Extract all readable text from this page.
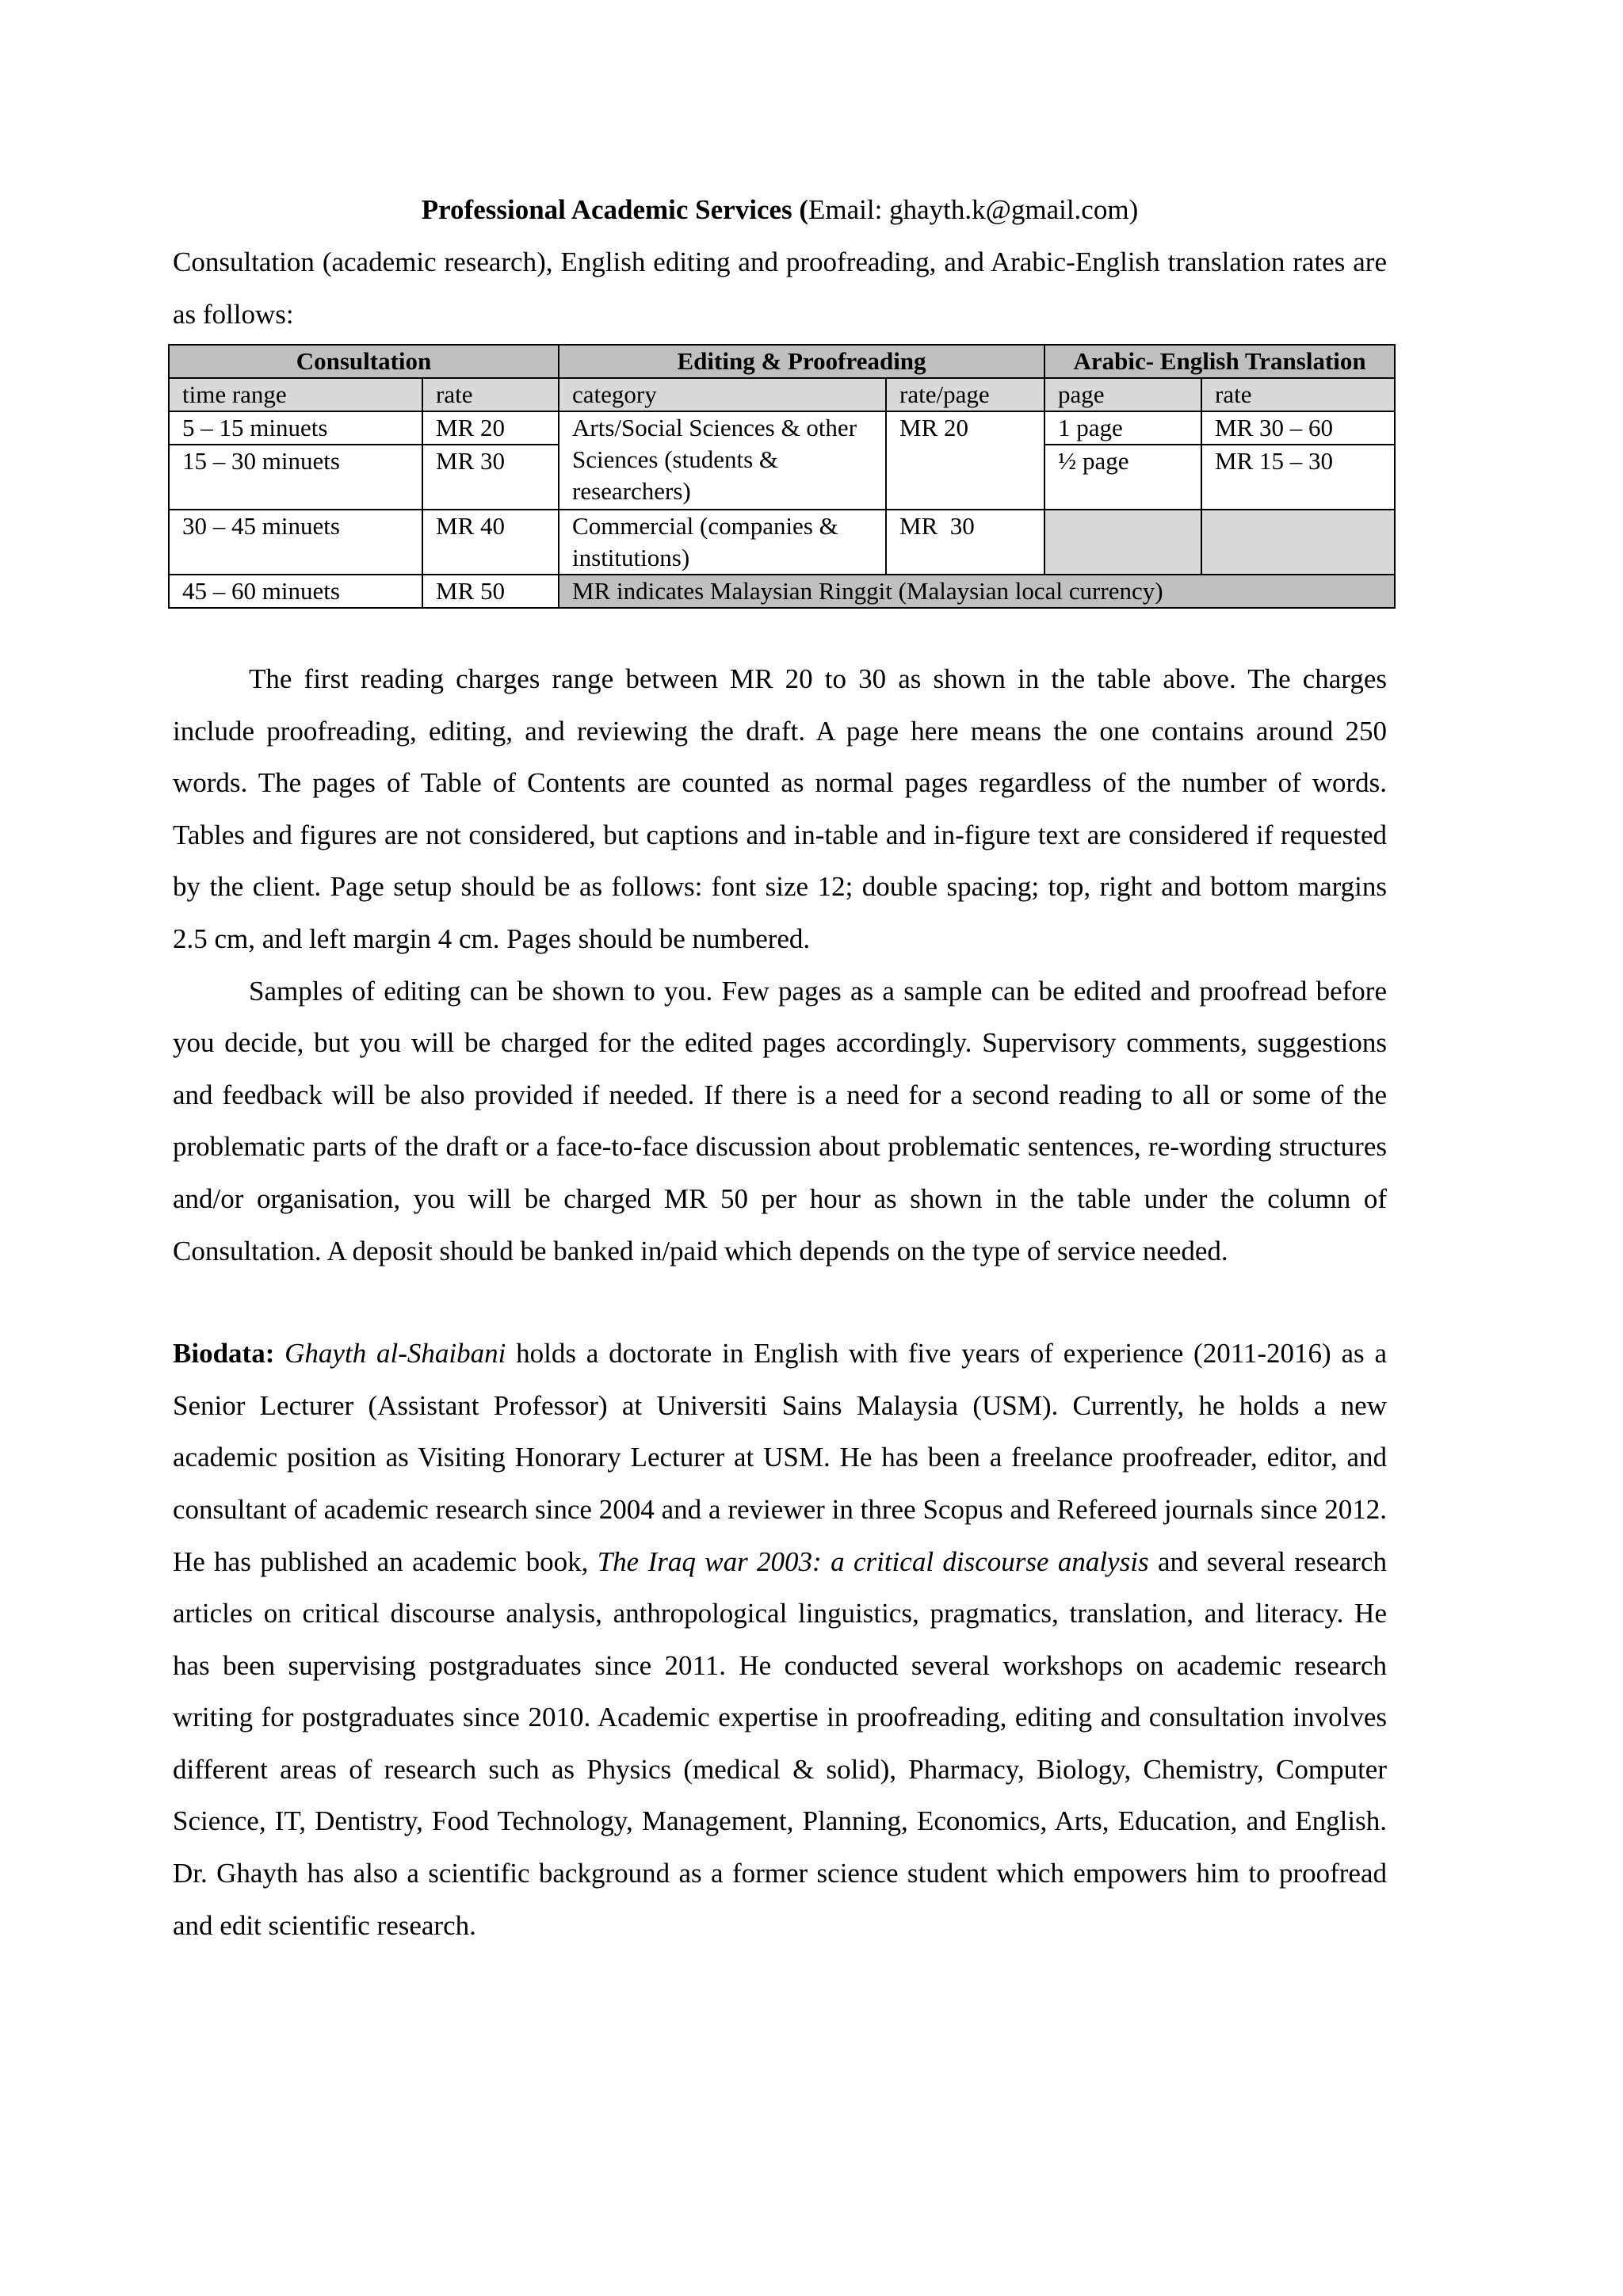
Professional Academic Services (Email: ghayth.k@gmail.com)

Consultation (academic research), English editing and proofreading, and Arabic-English translation rates are as follows:

Consultation		Editing & Proofreading		Arabic- English Translation	
time range	rate	category	rate/page	page	rate
5 – 15 minuets	MR 20	Arts/Social Sciences & other Sciences (students & researchers)	MR 20	1 page	MR 30 – 60
15 – 30 minuets	MR 30			½ page	MR 15 – 30
30 – 45 minuets	MR 40	Commercial (companies & institutions)	MR  30		
45 – 60 minuets	MR 50	MR indicates Malaysian Ringgit (Malaysian local currency)			

The first reading charges range between MR 20 to 30 as shown in the table above. The charges include proofreading, editing, and reviewing the draft. A page here means the one contains around 250 words. The pages of Table of Contents are counted as normal pages regardless of the number of words. Tables and figures are not considered, but captions and in-table and in-figure text are considered if requested by the client. Page setup should be as follows: font size 12; double spacing; top, right and bottom margins 2.5 cm, and left margin 4 cm. Pages should be numbered.

Samples of editing can be shown to you. Few pages as a sample can be edited and proofread before you decide, but you will be charged for the edited pages accordingly. Supervisory comments, suggestions and feedback will be also provided if needed. If there is a need for a second reading to all or some of the problematic parts of the draft or a face-to-face discussion about problematic sentences, re-wording structures and/or organisation, you will be charged MR 50 per hour as shown in the table under the column of Consultation. A deposit should be banked in/paid which depends on the type of service needed.

Biodata: Ghayth al-Shaibani holds a doctorate in English with five years of experience (2011-2016) as a Senior Lecturer (Assistant Professor) at Universiti Sains Malaysia (USM). Currently, he holds a new academic position as Visiting Honorary Lecturer at USM. He has been a freelance proofreader, editor, and consultant of academic research since 2004 and a reviewer in three Scopus and Refereed journals since 2012. He has published an academic book, The Iraq war 2003: a critical discourse analysis and several research articles on critical discourse analysis, anthropological linguistics, pragmatics, translation, and literacy. He has been supervising postgraduates since 2011. He conducted several workshops on academic research writing for postgraduates since 2010. Academic expertise in proofreading, editing and consultation involves different areas of research such as Physics (medical & solid), Pharmacy, Biology, Chemistry, Computer Science, IT, Dentistry, Food Technology, Management, Planning, Economics, Arts, Education, and English. Dr. Ghayth has also a scientific background as a former science student which empowers him to proofread and edit scientific research.
